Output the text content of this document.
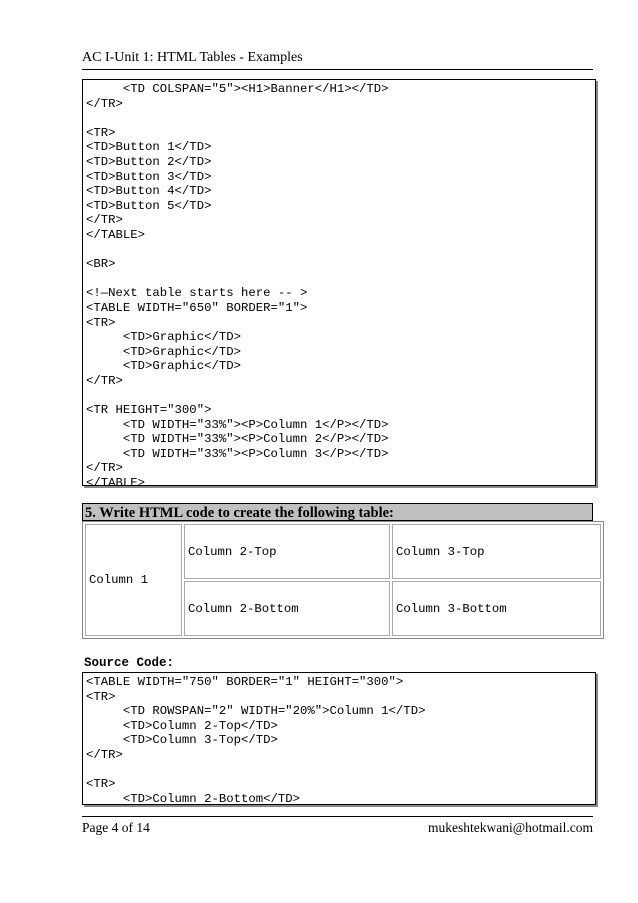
AC I-Unit 1: HTML Tables - Examples
<TD COLSPAN="5"><H1>Banner</H1></TD>
</TR>

<TR>
<TD>Button 1</TD>
<TD>Button 2</TD>
<TD>Button 3</TD>
<TD>Button 4</TD>
<TD>Button 5</TD>
</TR>
</TABLE>

<BR>

<!—Next table starts here -- >
<TABLE WIDTH="650" BORDER="1">
<TR>
<TD>Graphic</TD>
<TD>Graphic</TD>
<TD>Graphic</TD>
</TR>

<TR HEIGHT="300">
<TD WIDTH="33%"><P>Column 1</P></TD>
<TD WIDTH="33%"><P>Column 2</P></TD>
<TD WIDTH="33%"><P>Column 3</P></TD>
</TR>
</TABLE>
5. Write HTML code to create the following table:
Column 1	Column 2-Top	Column 3-Top
	Column 2-Bottom	Column 3-Bottom
Source Code:
<TABLE WIDTH="750" BORDER="1" HEIGHT="300">
<TR>
<TD ROWSPAN="2" WIDTH="20%">Column 1</TD>
<TD>Column 2-Top</TD>
<TD>Column 3-Top</TD>
</TR>

<TR>
<TD>Column 2-Bottom</TD>
Page 4 of 14	mukeshtekwani@hotmail.com
